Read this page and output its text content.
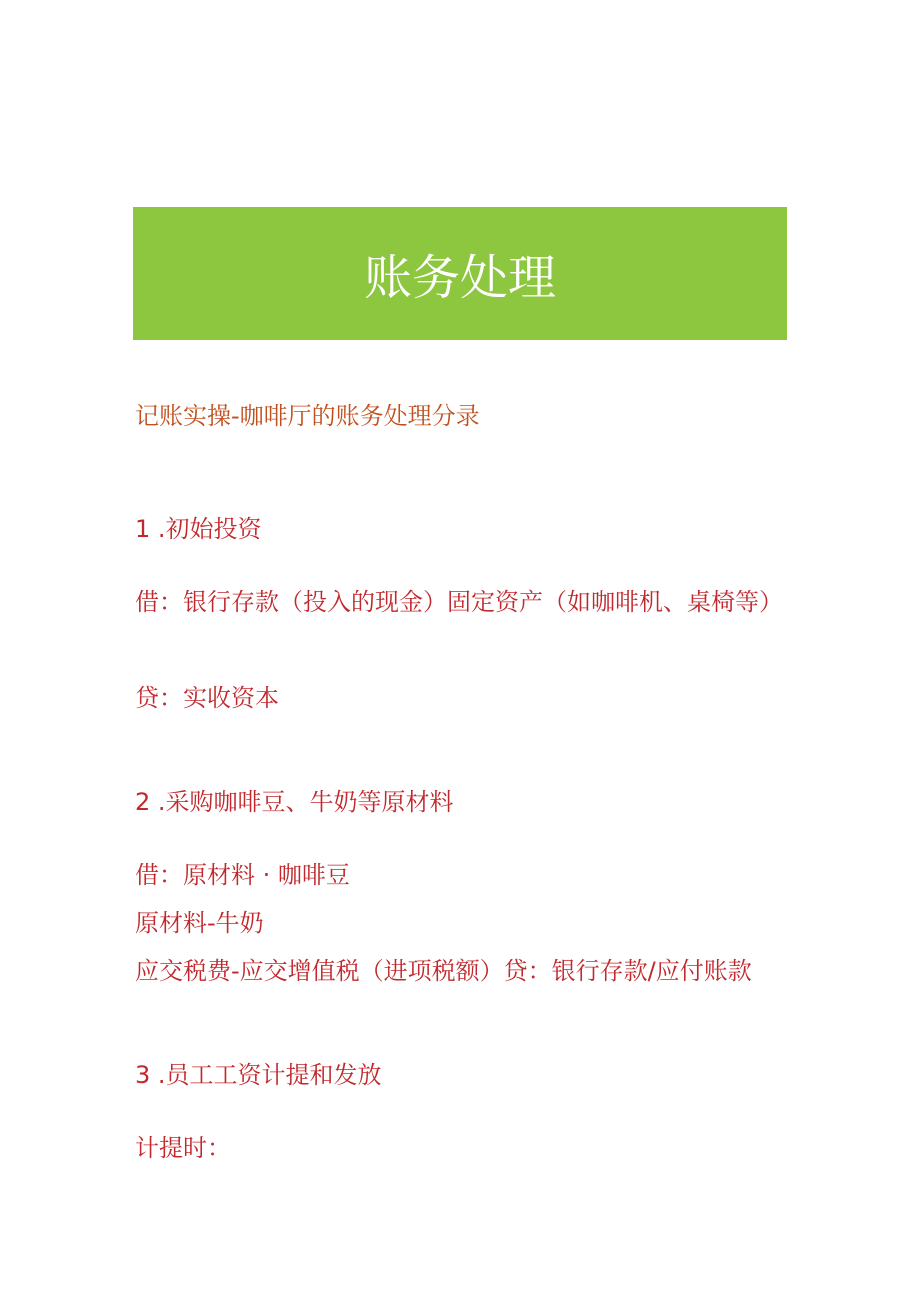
账务处理
记账实操-咖啡厅的账务处理分录
1 .初始投资
借：银行存款（投入的现金）固定资产（如咖啡机、桌椅等）
贷：实收资本
2 .采购咖啡豆、牛奶等原材料
借：原材料 · 咖啡豆
原材料-牛奶
应交税费-应交增值税（进项税额）贷：银行存款/应付账款
3 .员工工资计提和发放
计提时：
